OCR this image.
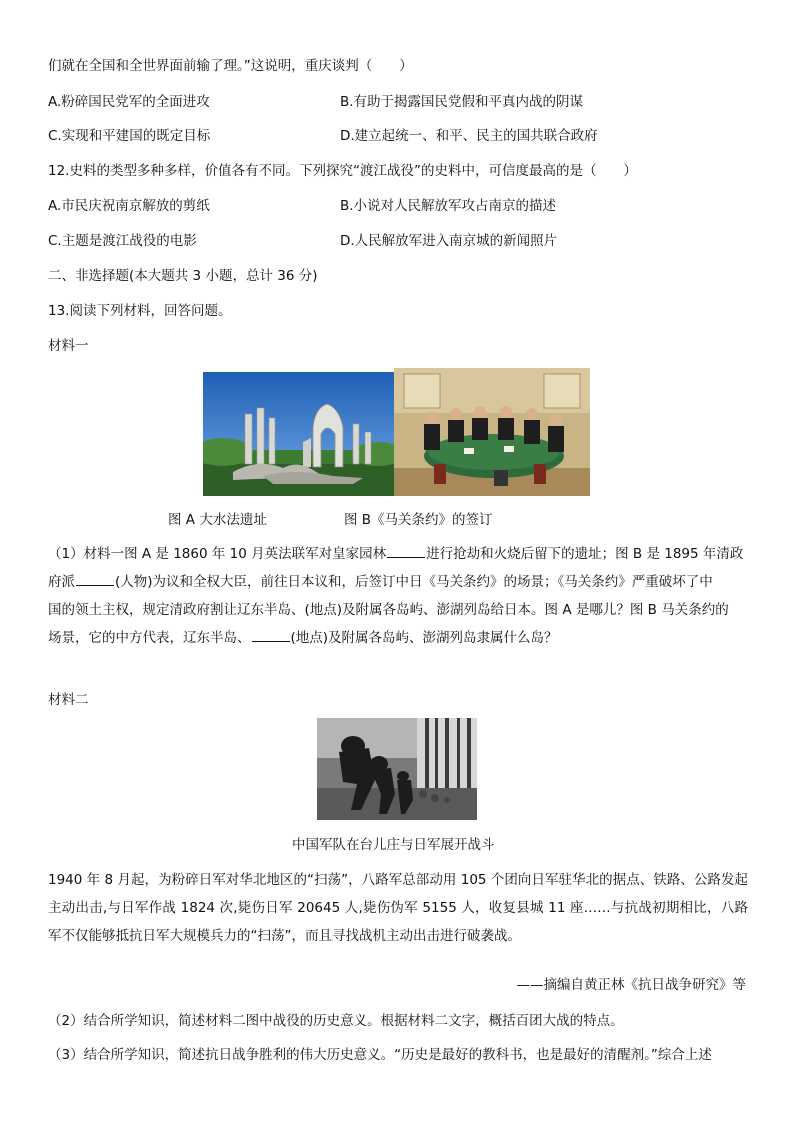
们就在全国和全世界面前输了理。”这说明，重庆谈判（　　）
A.粉碎国民党军的全面进攻	B.有助于揭露国民党假和平真内战的阴谋
C.实现和平建国的既定目标	D.建立起统一、和平、民主的国共联合政府
12.史料的类型多种多样，价值各有不同。下列探究“渡江战役”的史料中，可信度最高的是（　　）
A.市民庆祝南京解放的剪纸	B.小说对人民解放军攻占南京的描述
C.主题是渡江战役的电影	D.人民解放军进入南京城的新闻照片
二、非选择题(本大题共 3 小题，总计 36 分)
13.阅读下列材料，回答问题。
材料一
图 A 大水法遗址	图 B《马关条约》的签订
（1）材料一图 A 是 1860 年 10 月英法联军对皇家园林	进行抢劫和火烧后留下的遗址；图 B 是 1895 年清政
府派	(人物)为议和全权大臣，前往日本议和，后签订中日《马关条约》的场景；《马关条约》严重破坏了中
国的领土主权，规定清政府割让辽东半岛、(地点)及附属各岛屿、澎湖列岛给日本。图 A 是哪儿？图 B 马关条约的
场景，它的中方代表，辽东半岛、	(地点)及附属各岛屿、澎湖列岛隶属什么岛？
材料二
中国军队在台儿庄与日军展开战斗
1940 年 8 月起，为粉碎日军对华北地区的“扫荡”，八路军总部动用 105 个团向日军驻华北的据点、铁路、公路发起主动出击,与日军作战 1824 次,毙伤日军 20645 人,毙伤伪军 5155 人，收复县城 11 座……与抗战初期相比，八路军不仅能够抵抗日军大规模兵力的“扫荡”，而且寻找战机主动出击进行破袭战。
——摘编自黄正林《抗日战争研究》等
（2）结合所学知识，简述材料二图中战役的历史意义。根据材料二文字，概括百团大战的特点。
（3）结合所学知识，简述抗日战争胜利的伟大历史意义。“历史是最好的教科书，也是最好的清醒剂。”综合上述
